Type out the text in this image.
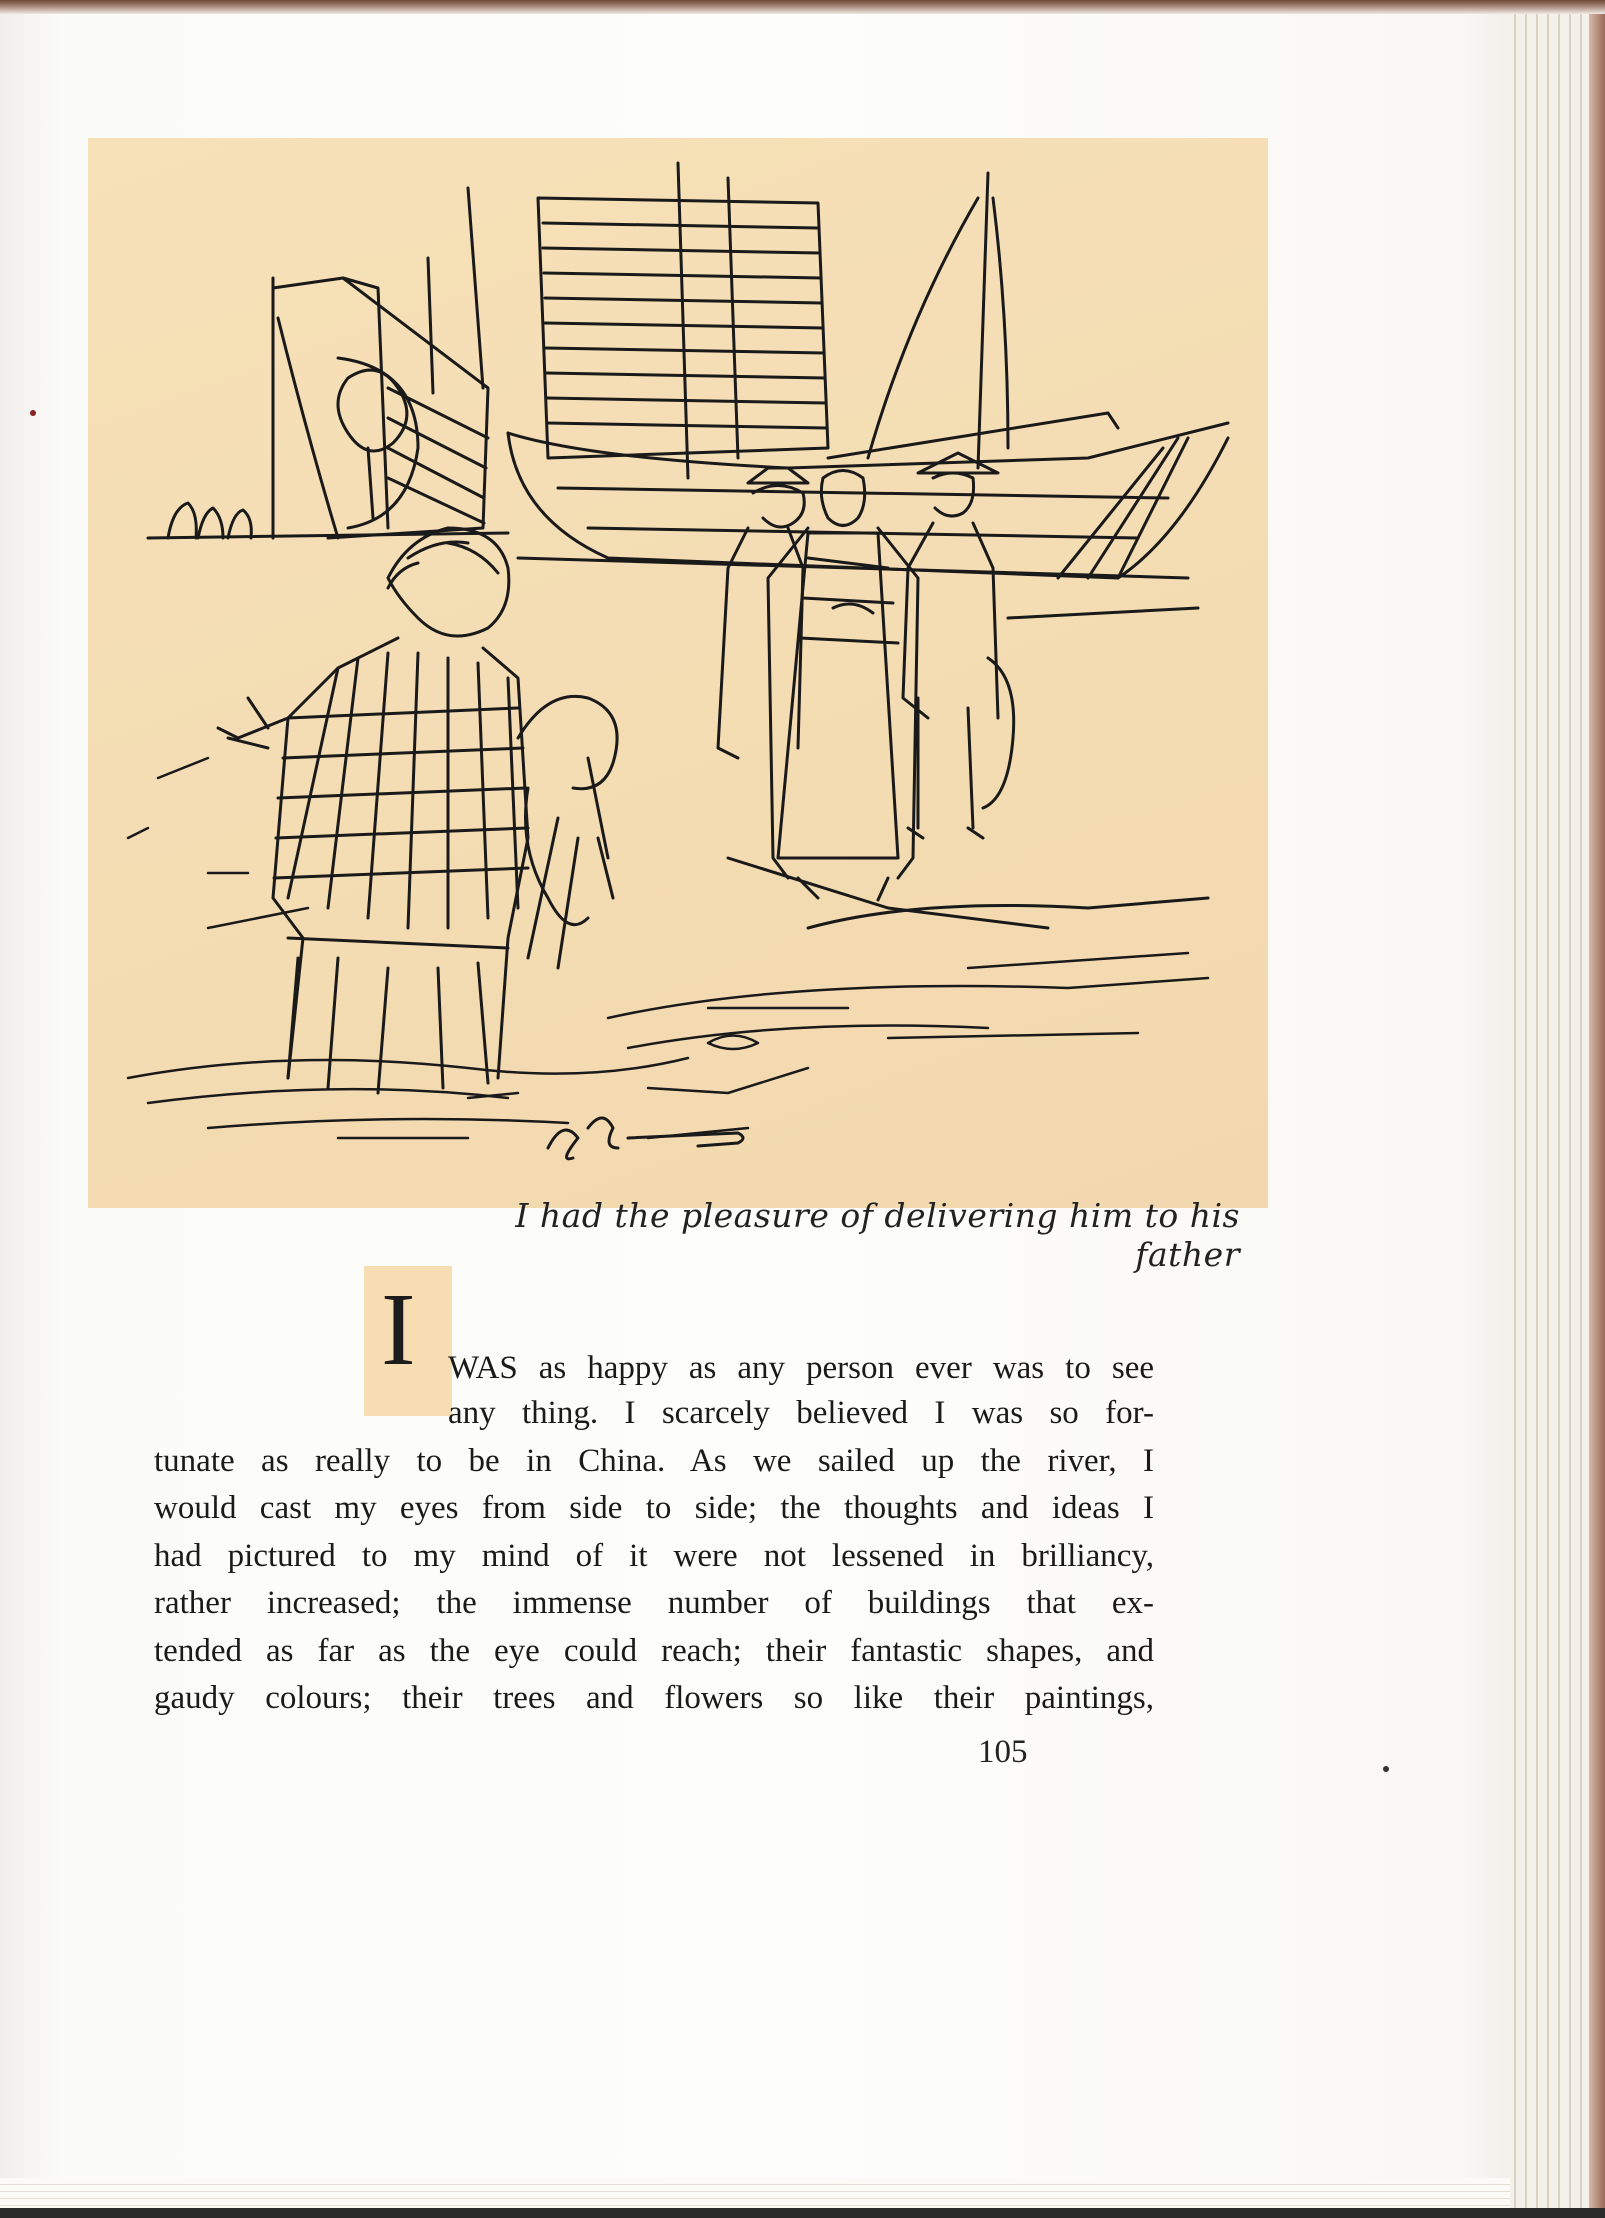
I had the pleasure of delivering him to his father
I WAS as happy as any person ever was to see
any thing. I scarcely believed I was so for-
tunate as really to be in China. As we sailed up the river, I
would cast my eyes from side to side; the thoughts and ideas I
had pictured to my mind of it were not lessened in brilliancy,
rather increased; the immense number of buildings that ex-
tended as far as the eye could reach; their fantastic shapes, and
gaudy colours; their trees and flowers so like their paintings,
105
